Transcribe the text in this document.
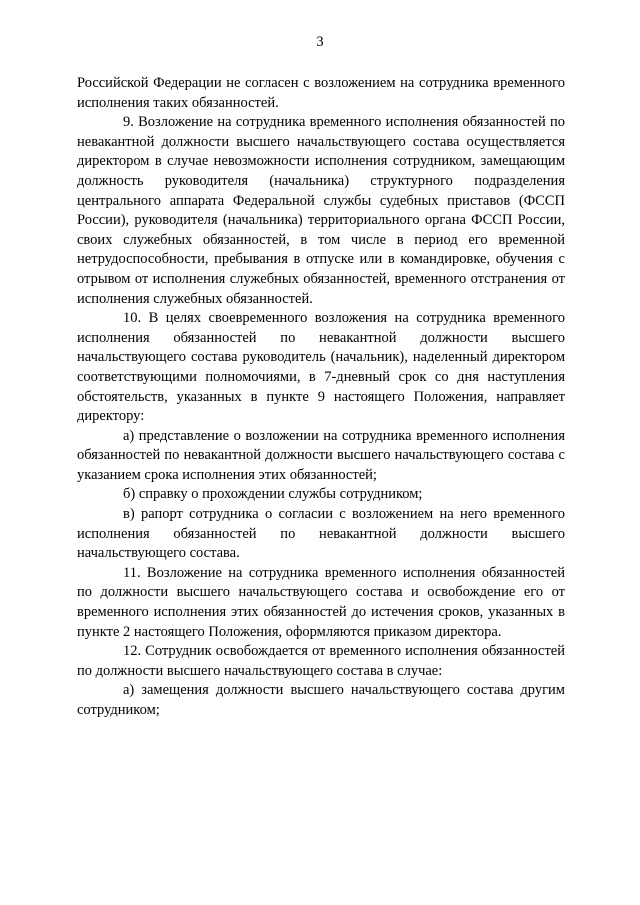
3

Российской Федерации не согласен с возложением на сотрудника временного исполнения таких обязанностей.

9. Возложение на сотрудника временного исполнения обязанностей по невакантной должности высшего начальствующего состава осуществляется директором в случае невозможности исполнения сотрудником, замещающим должность руководителя (начальника) структурного подразделения центрального аппарата Федеральной службы судебных приставов (ФССП России), руководителя (начальника) территориального органа ФССП России, своих служебных обязанностей, в том числе в период его временной нетрудоспособности, пребывания в отпуске или в командировке, обучения с отрывом от исполнения служебных обязанностей, временного отстранения от исполнения служебных обязанностей.

10. В целях своевременного возложения на сотрудника временного исполнения обязанностей по невакантной должности высшего начальствующего состава руководитель (начальник), наделенный директором соответствующими полномочиями, в 7-дневный срок со дня наступления обстоятельств, указанных в пункте 9 настоящего Положения, направляет директору:

а) представление о возложении на сотрудника временного исполнения обязанностей по невакантной должности высшего начальствующего состава с указанием срока исполнения этих обязанностей;

б) справку о прохождении службы сотрудником;

в) рапорт сотрудника о согласии с возложением на него временного исполнения обязанностей по невакантной должности высшего начальствующего состава.

11. Возложение на сотрудника временного исполнения обязанностей по должности высшего начальствующего состава и освобождение его от временного исполнения этих обязанностей до истечения сроков, указанных в пункте 2 настоящего Положения, оформляются приказом директора.

12. Сотрудник освобождается от временного исполнения обязанностей по должности высшего начальствующего состава в случае:

а) замещения должности высшего начальствующего состава другим сотрудником;
